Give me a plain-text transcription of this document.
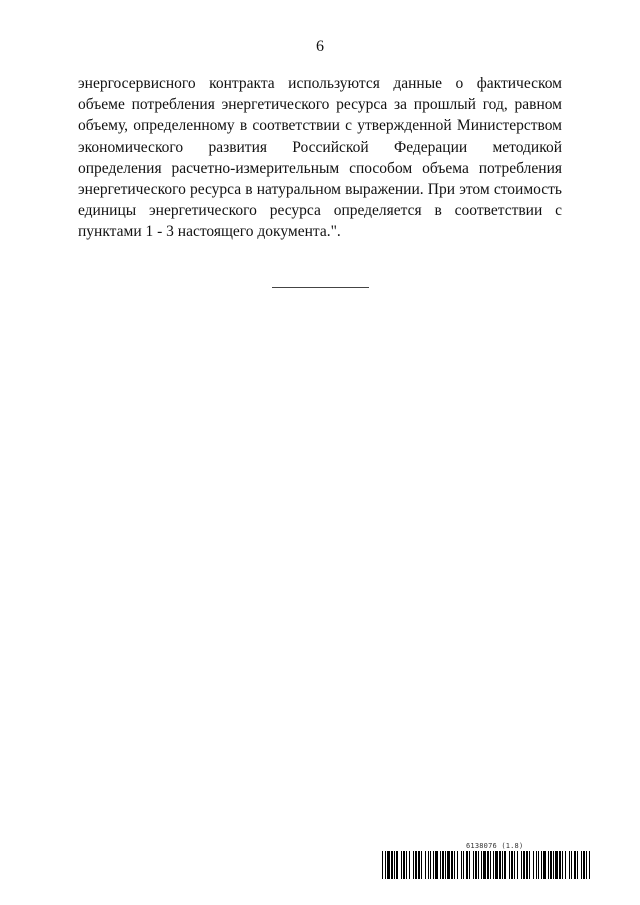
6

энергосервисного контракта используются данные о фактическом объеме потребления энергетического ресурса за прошлый год, равном объему, определенному в соответствии с утвержденной Министерством экономического развития Российской Федерации методикой определения расчетно-измерительным способом объема потребления энергетического ресурса в натуральном выражении. При этом стоимость единицы энергетического ресурса определяется в соответствии с пунктами 1 - 3 настоящего документа.".

6138076 (1.8)
